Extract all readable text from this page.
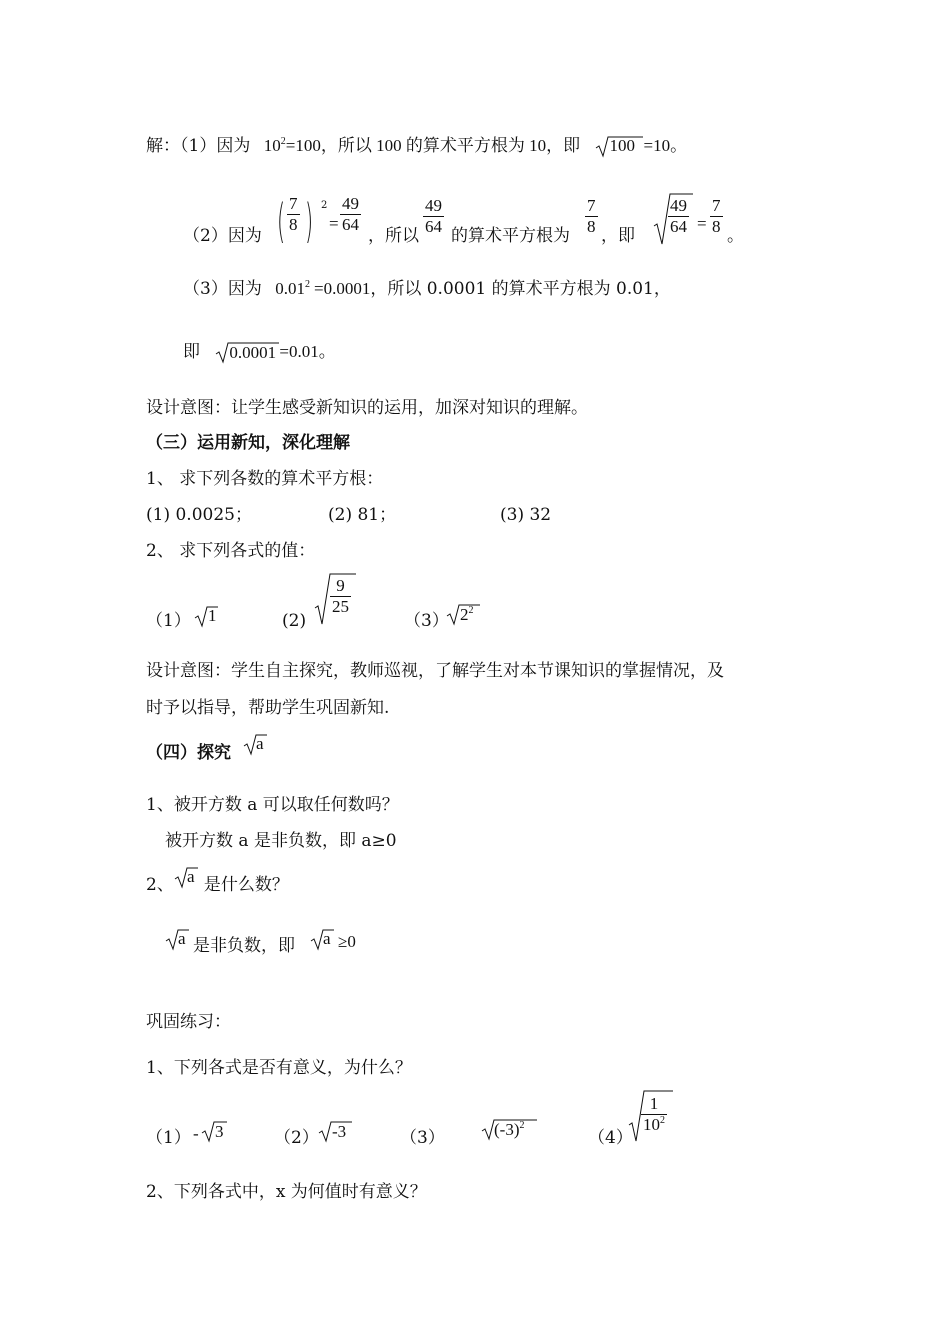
解：（1）因为 $10^2=100$，所以 100 的算术平方根为 10，即 100 =10。
（2）因为 ( $\frac{7}{8}$ ) 2
= $\frac{49}{64}$
，所以 $\frac{49}{64}$ 的算术平方根为 $\frac{7}{8}$ ，即 $\frac{49}{64} = \frac{7}{8}$ 。
（3）因为 $0.01^2 =0.0001$，所以 0.0001 的算术平方根为 0.01，
即 0.0001 =0.01。
设计意图：让学生感受新知识的运用，加深对知识的理解。
（三）运用新知，深化理解
1、 求下列各数的算术平方根：
(1) 0.0025；	(2) 81；	(3) 32
2、 求下列各式的值：
（1） 1	(2)
$\frac{9}{25}$
（3） $2^2$
设计意图：学生自主探究，教师巡视，了解学生对本节课知识的掌握情况，及
时予以指导，帮助学生巩固新知.
（四）探究 a
1、被开方数 a 可以取任何数吗？
被开方数 a 是非负数，即 a≥0
2、 是什么数？
a
a 是非负数，即 a ≥0
巩固练习：
1、下列各式是否有意义，为什么？
（1） - 3	（2） -3	（3）	$(-3)^2$
（4）
$\frac{1}{10^2}$
2、下列各式中，x 为何值时有意义？
